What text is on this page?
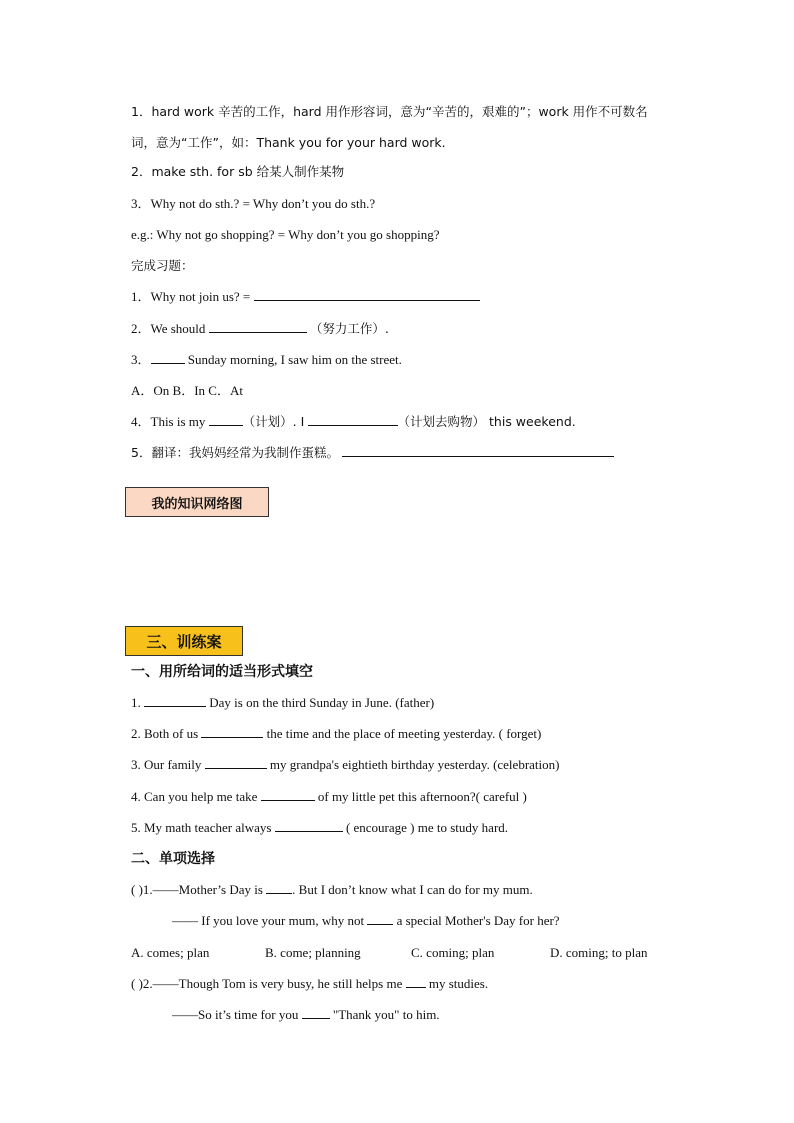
1．hard work 辛苦的工作，hard 用作形容词，意为“辛苦的，艰难的”；work 用作不可数名词，意为“工作”，如：Thank you for your hard work.
2．make sth. for sb 给某人制作某物
3．Why not do sth.? = Why don’t you do sth.?
e.g.: Why not go shopping? = Why don’t you go shopping?
完成习题：
1．Why not join us? =
2．We should	（努力工作）.
3．	Sunday morning, I saw him on the street.
A．On B．In C．At
4．This is my	（计划）. I	（计划去购物） this weekend.
5．翻译：我妈妈经常为我制作蛋糕。
我的知识网络图
三、训练案
一、用所给词的适当形式填空
1.	Day is on the third Sunday in June. (father)
2. Both of us	the time and the place of meeting yesterday. ( forget)
3. Our family	my grandpa's eightieth birthday yesterday. (celebration)
4. Can you help me take	of my little pet this afternoon?( careful )
5. My math teacher always	( encourage ) me to study hard.
二、单项选择
( )1.——Mother’s Day is . But I don’t know what I can do for my mum.
—— If you love your mum, why not	a special Mother's Day for her?
A. comes; plan	B. come; planning	C. coming; plan	D. coming; to plan
( )2.——Though Tom is very busy, he still helps me my studies.
——So it’s time for you	"Thank you" to him.
